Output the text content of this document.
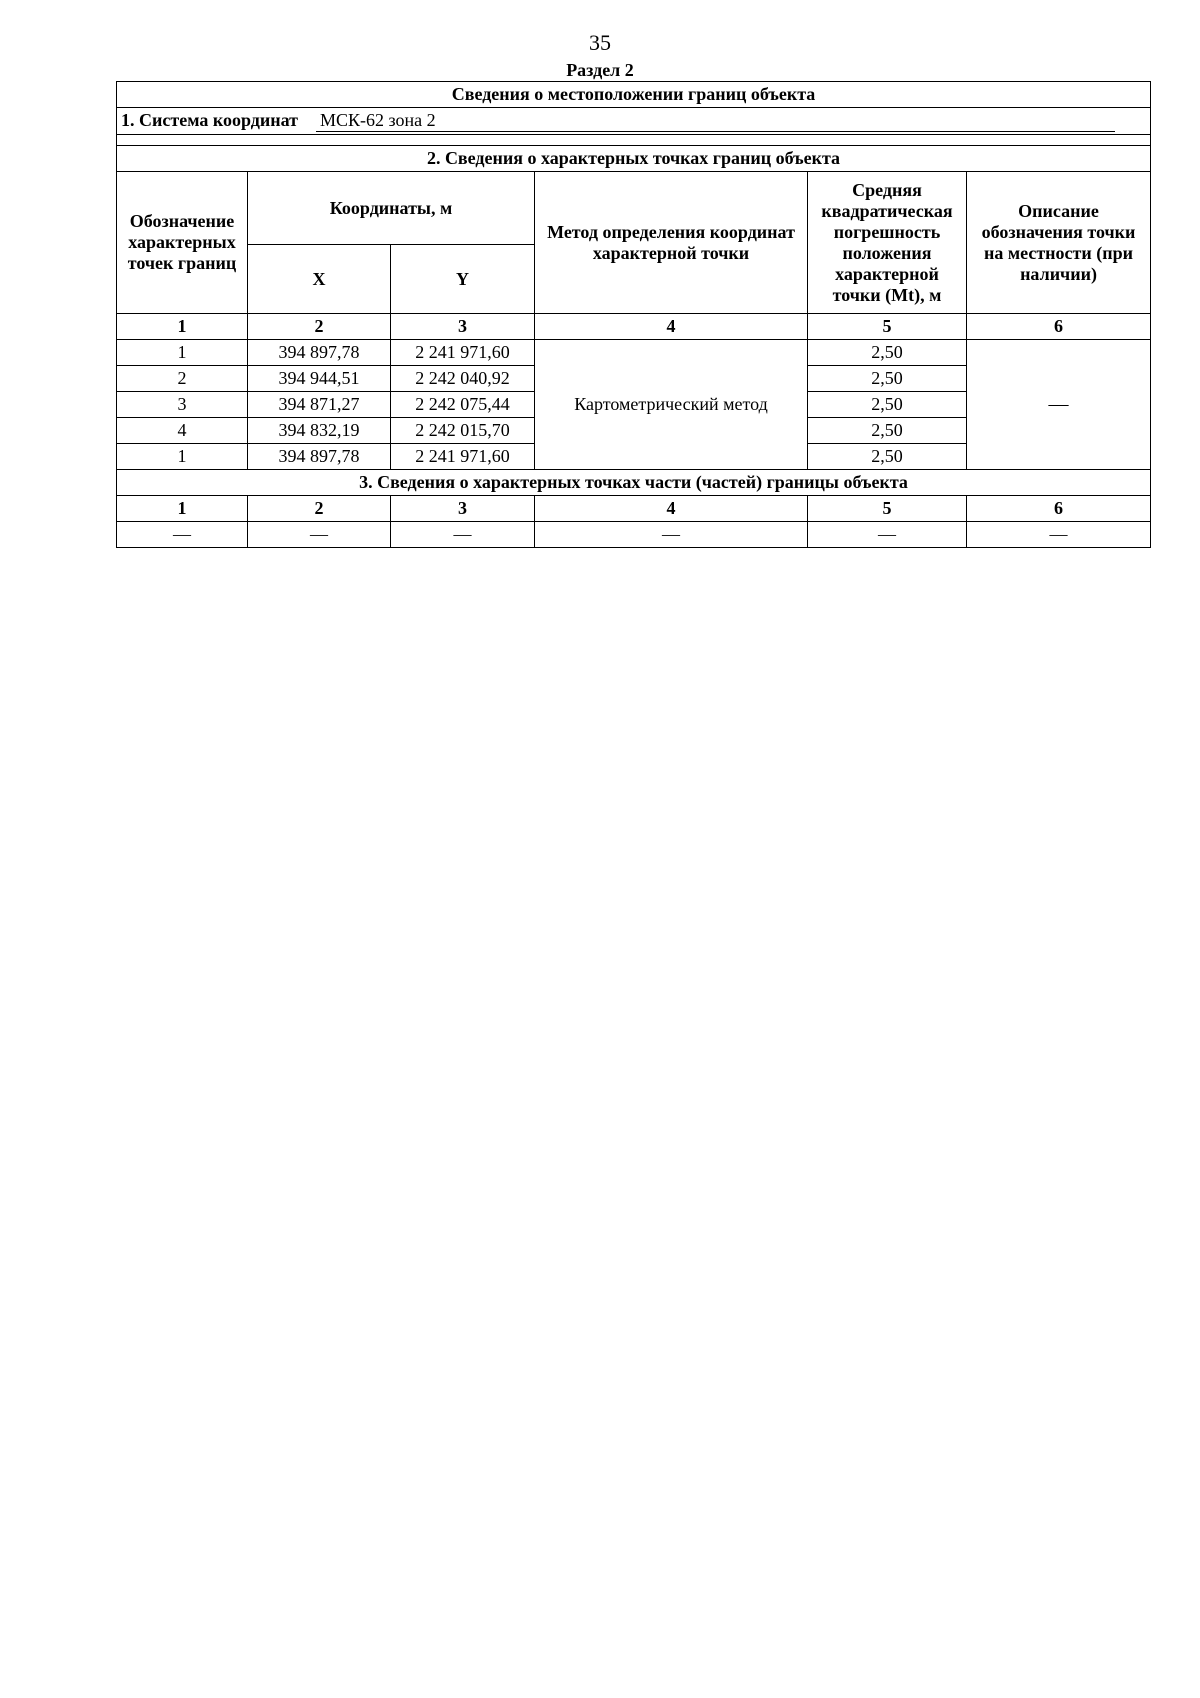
35
Раздел 2
Сведения о местоположении границ объекта					
1. Система координат МСК-62 зона 2					

2. Сведения о характерных точках границ объекта					
Обозначение характерных точек границ	Координаты, м		Метод определения координат характерной точки	Средняя квадратическая погрешность положения характерной точки (Mt), м	Описание обозначения точки на местности (при наличии)
	X	Y			
1	2	3	4	5	6
1	394 897,78	2 241 971,60	Картометрический метод	2,50	—
2	394 944,51	2 242 040,92		2,50	
3	394 871,27	2 242 075,44		2,50	
4	394 832,19	2 242 015,70		2,50	
1	394 897,78	2 241 971,60		2,50	
3. Сведения о характерных точках части (частей) границы объекта					
1	2	3	4	5	6
—	—	—	—	—	—
